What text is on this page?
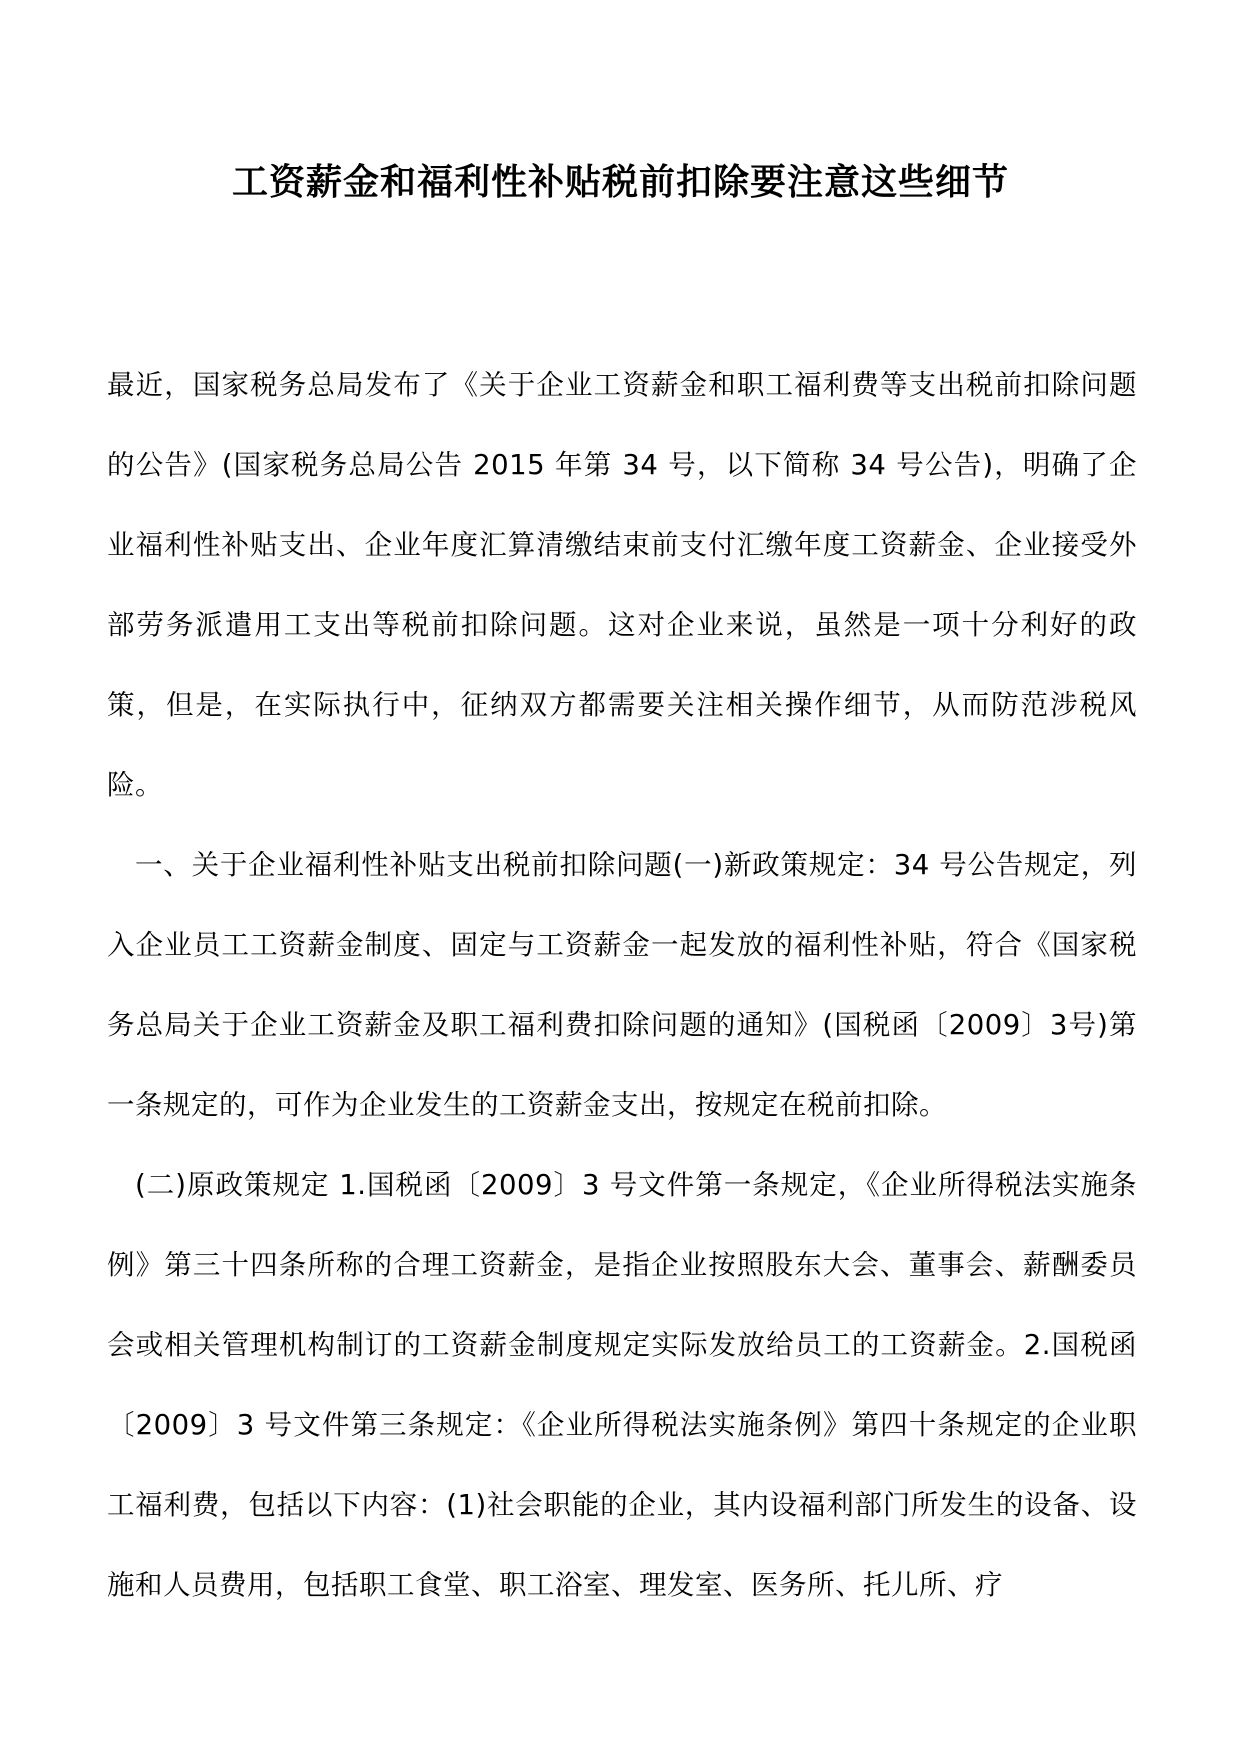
工资薪金和福利性补贴税前扣除要注意这些细节

最近，国家税务总局发布了《关于企业工资薪金和职工福利费等支出税前扣除问题的公告》(国家税务总局公告 2015 年第 34 号，以下简称 34 号公告)，明确了企业福利性补贴支出、企业年度汇算清缴结束前支付汇缴年度工资薪金、企业接受外部劳务派遣用工支出等税前扣除问题。这对企业来说，虽然是一项十分利好的政策，但是，在实际执行中，征纳双方都需要关注相关操作细节，从而防范涉税风险。

一、关于企业福利性补贴支出税前扣除问题(一)新政策规定：34 号公告规定，列入企业员工工资薪金制度、固定与工资薪金一起发放的福利性补贴，符合《国家税务总局关于企业工资薪金及职工福利费扣除问题的通知》(国税函〔2009〕3号)第一条规定的，可作为企业发生的工资薪金支出，按规定在税前扣除。

(二)原政策规定 1.国税函〔2009〕3 号文件第一条规定，《企业所得税法实施条例》第三十四条所称的合理工资薪金，是指企业按照股东大会、董事会、薪酬委员会或相关管理机构制订的工资薪金制度规定实际发放给员工的工资薪金。2.国税函〔2009〕3 号文件第三条规定：《企业所得税法实施条例》第四十条规定的企业职工福利费，包括以下内容：(1)社会职能的企业，其内设福利部门所发生的设备、设施和人员费用，包括职工食堂、职工浴室、理发室、医务所、托儿所、疗
